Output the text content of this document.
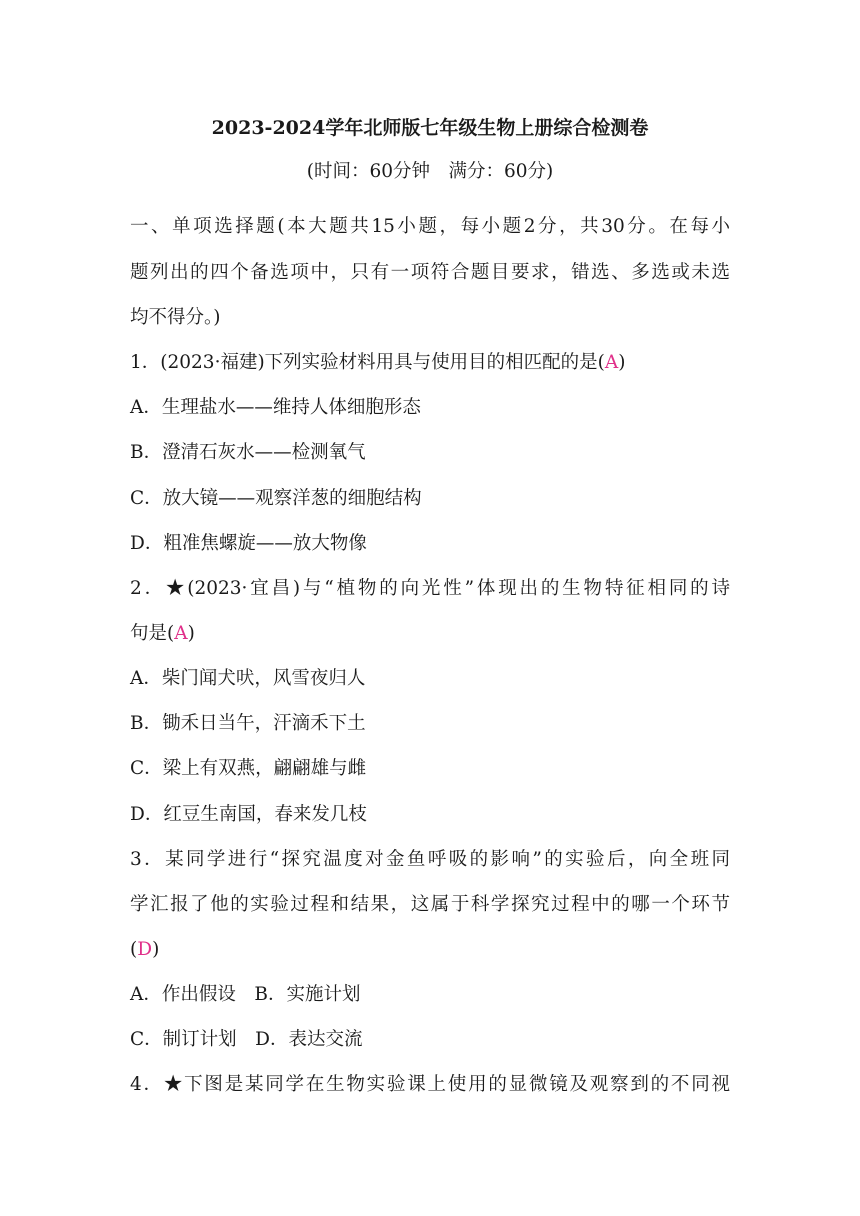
2023-2024学年北师版七年级生物上册综合检测卷
(时间：60分钟　满分：60分)
一、单项选择题(本大题共15小题，每小题2分，共30分。在每小
题列出的四个备选项中，只有一项符合题目要求，错选、多选或未选
均不得分。)
1．(2023·福建)下列实验材料用具与使用目的相匹配的是(A)
A．生理盐水——维持人体细胞形态
B．澄清石灰水——检测氧气
C．放大镜——观察洋葱的细胞结构
D．粗准焦螺旋——放大物像
2．★(2023·宜昌)与“植物的向光性”体现出的生物特征相同的诗
句是(A)
A．柴门闻犬吠，风雪夜归人
B．锄禾日当午，汗滴禾下土
C．梁上有双燕，翩翩雄与雌
D．红豆生南国，春来发几枝
3．某同学进行“探究温度对金鱼呼吸的影响”的实验后，向全班同
学汇报了他的实验过程和结果，这属于科学探究过程中的哪一个环节
(D)
A．作出假设　B．实施计划
C．制订计划　D．表达交流
4．★下图是某同学在生物实验课上使用的显微镜及观察到的不同视
